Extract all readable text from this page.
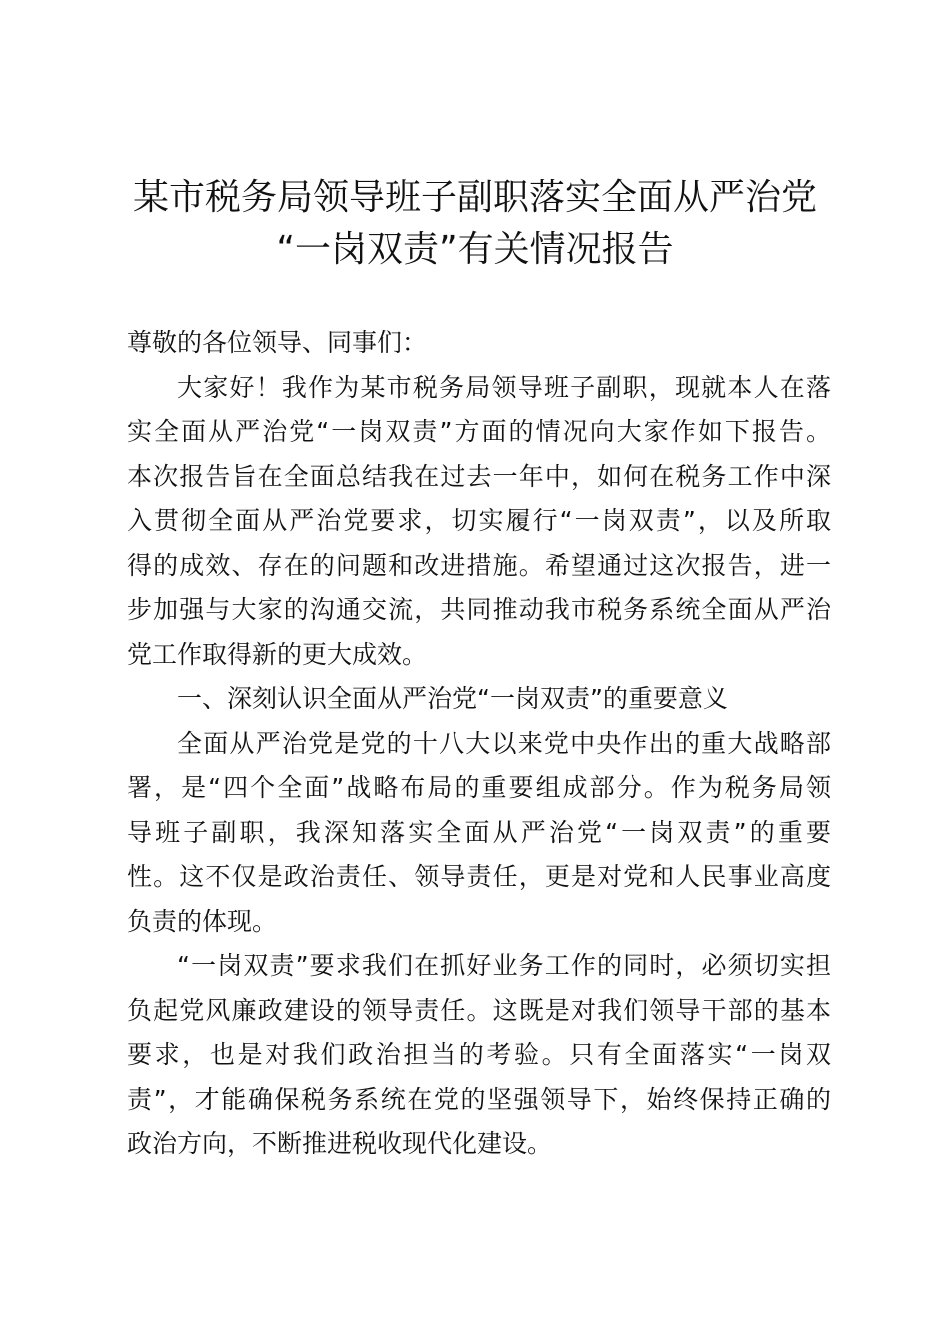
某市税务局领导班子副职落实全面从严治党
“一岗双责”有关情况报告
尊敬的各位领导、同事们：
大家好！我作为某市税务局领导班子副职，现就本人在落
实全面从严治党“一岗双责”方面的情况向大家作如下报告。
本次报告旨在全面总结我在过去一年中，如何在税务工作中深
入贯彻全面从严治党要求，切实履行“一岗双责”，以及所取
得的成效、存在的问题和改进措施。希望通过这次报告，进一
步加强与大家的沟通交流，共同推动我市税务系统全面从严治
党工作取得新的更大成效。
一、深刻认识全面从严治党“一岗双责”的重要意义
全面从严治党是党的十八大以来党中央作出的重大战略部
署，是“四个全面”战略布局的重要组成部分。作为税务局领
导班子副职，我深知落实全面从严治党“一岗双责”的重要
性。这不仅是政治责任、领导责任，更是对党和人民事业高度
负责的体现。
“一岗双责”要求我们在抓好业务工作的同时，必须切实担
负起党风廉政建设的领导责任。这既是对我们领导干部的基本
要求，也是对我们政治担当的考验。只有全面落实“一岗双
责”，才能确保税务系统在党的坚强领导下，始终保持正确的
政治方向，不断推进税收现代化建设。
